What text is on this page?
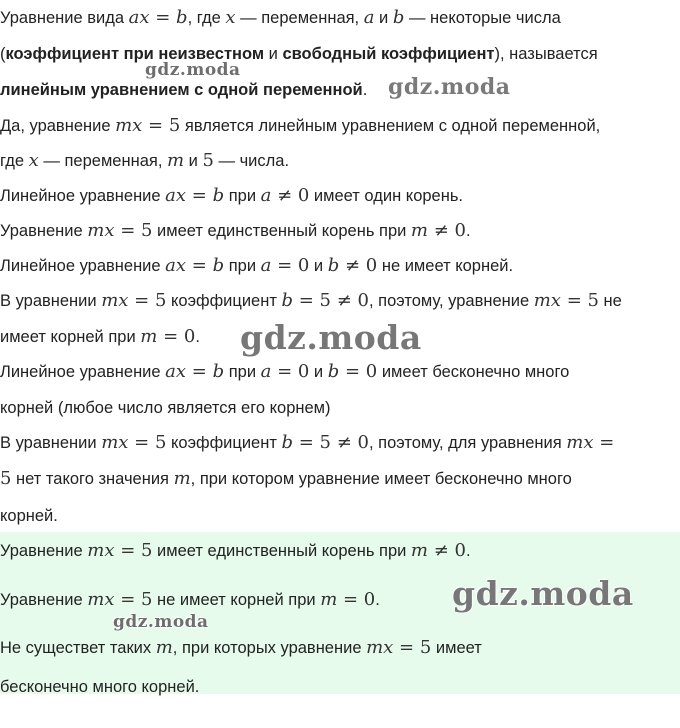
Уравнение вида ax = b, где x — переменная, a и b — некоторые числа
(коэффициент при неизвестном и свободный коэффициент), называется
линейным уравнением с одной переменной.
Да, уравнение mx = 5 является линейным уравнением с одной переменной,
где x — переменная, m и 5 — числа.
Линейное уравнение ax = b при a ≠ 0 имеет один корень.
Уравнение mx = 5 имеет единственный корень при m ≠ 0.
Линейное уравнение ax = b при a = 0 и b ≠ 0 не имеет корней.
В уравнении mx = 5 коэффициент b = 5 ≠ 0, поэтому, уравнение mx = 5 не
имеет корней при m = 0.
Линейное уравнение ax = b при a = 0 и b = 0 имеет бесконечно много
корней (любое число является его корнем)
В уравнении mx = 5 коэффициент b = 5 ≠ 0, поэтому, для уравнения mx =
5 нет такого значения m, при котором уравнение имеет бесконечно много
корней.
Уравнение mx = 5 имеет единственный корень при m ≠ 0.
Уравнение mx = 5 не имеет корней при m = 0.
Не существет таких m, при которых уравнение mx = 5 имеет
бесконечно много корней.
gdz.moda
gdz.moda
gdz.moda
gdz.moda
gdz.moda
